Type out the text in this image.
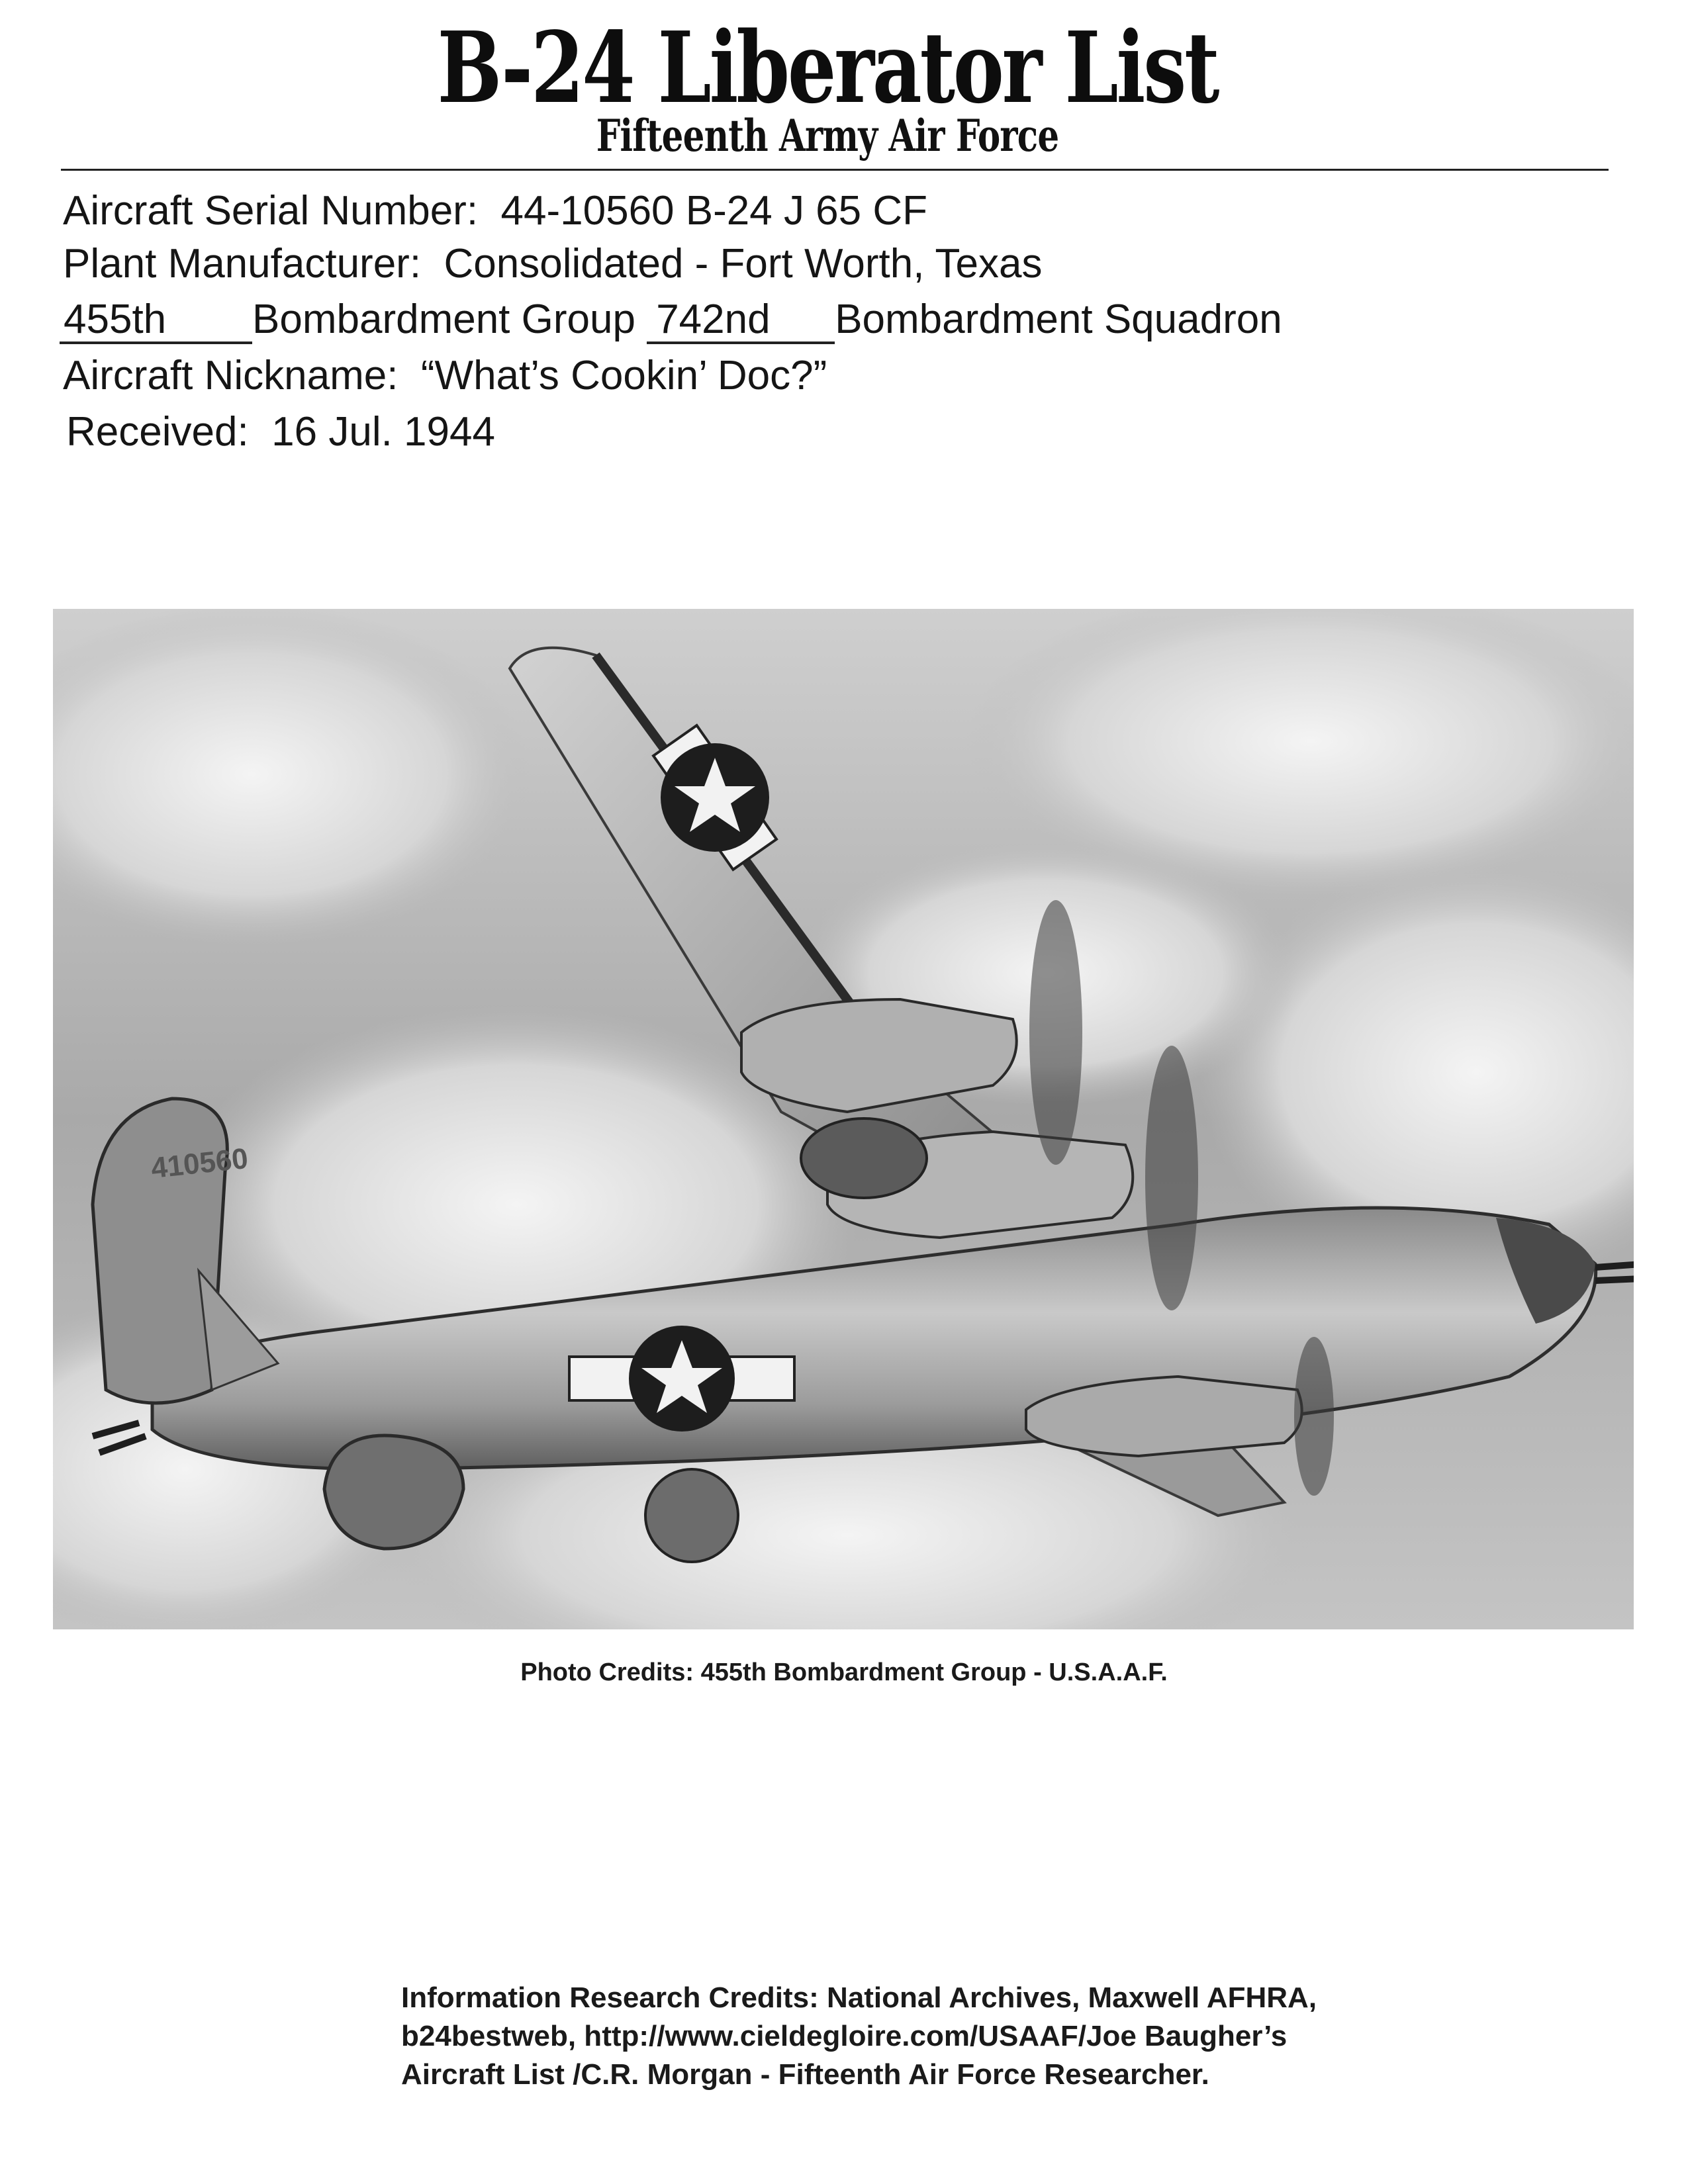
B-24 Liberator List
Fifteenth Army Air Force
Aircraft Serial Number: 44-10560 B-24 J 65 CF
Plant Manufacturer: Consolidated - Fort Worth, Texas
455th Bombardment Group 742nd Bombardment Squadron
Aircraft Nickname: “What’s Cookin’ Doc?”
Received: 16 Jul. 1944
410560
Photo Credits: 455th Bombardment Group - U.S.A.A.F.
Information Research Credits: National Archives, Maxwell AFHRA,
b24bestweb, http://www.cieldegloire.com/USAAF/Joe Baugher’s
Aircraft List /C.R. Morgan - Fifteenth Air Force Researcher.
